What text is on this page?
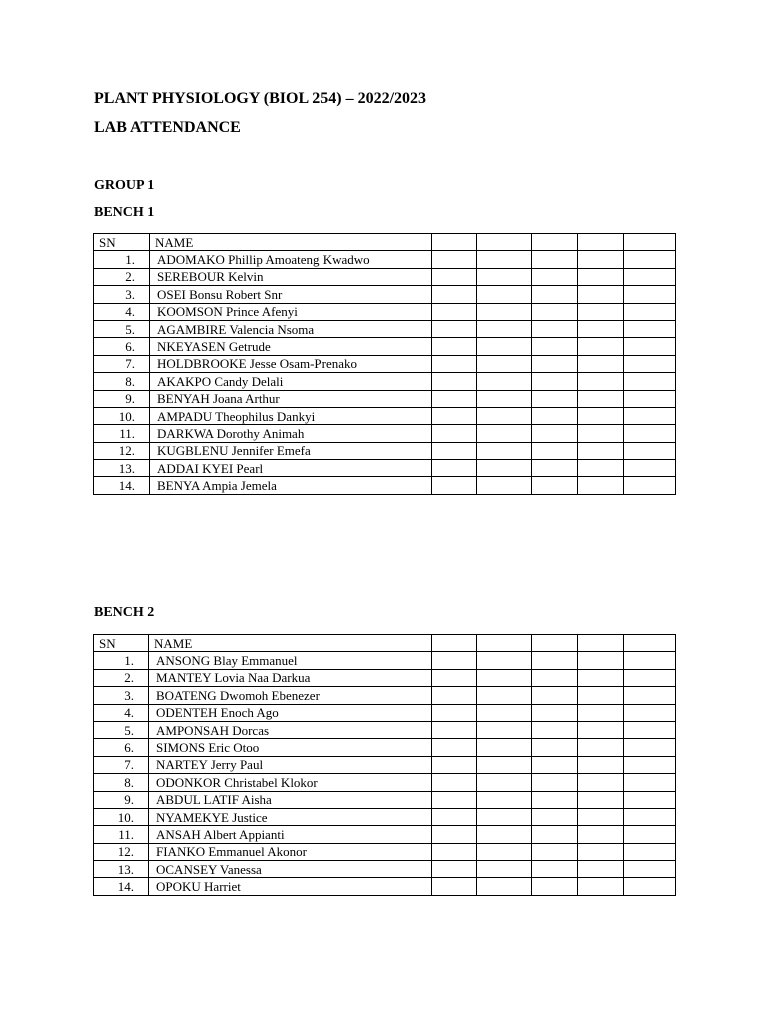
PLANT PHYSIOLOGY (BIOL 254) – 2022/2023
LAB ATTENDANCE
GROUP 1
BENCH 1
SN	NAME					
1.	ADOMAKO Phillip Amoateng Kwadwo					
2.	SEREBOUR Kelvin					
3.	OSEI Bonsu Robert Snr					
4.	KOOMSON Prince Afenyi					
5.	AGAMBIRE Valencia Nsoma					
6.	NKEYASEN Getrude					
7.	HOLDBROOKE Jesse Osam-Prenako					
8.	AKAKPO Candy Delali					
9.	BENYAH Joana Arthur					
10.	AMPADU Theophilus Dankyi					
11.	DARKWA Dorothy Animah					
12.	KUGBLENU Jennifer Emefa					
13.	ADDAI KYEI Pearl					
14.	BENYA Ampia Jemela					
BENCH 2
SN	NAME					
1.	ANSONG Blay Emmanuel					
2.	MANTEY Lovia Naa Darkua					
3.	BOATENG Dwomoh Ebenezer					
4.	ODENTEH Enoch Ago					
5.	AMPONSAH Dorcas					
6.	SIMONS Eric Otoo					
7.	NARTEY Jerry Paul					
8.	ODONKOR Christabel Klokor					
9.	ABDUL LATIF Aisha					
10.	NYAMEKYE Justice					
11.	ANSAH Albert Appianti					
12.	FIANKO Emmanuel Akonor					
13.	OCANSEY Vanessa					
14.	OPOKU Harriet					
